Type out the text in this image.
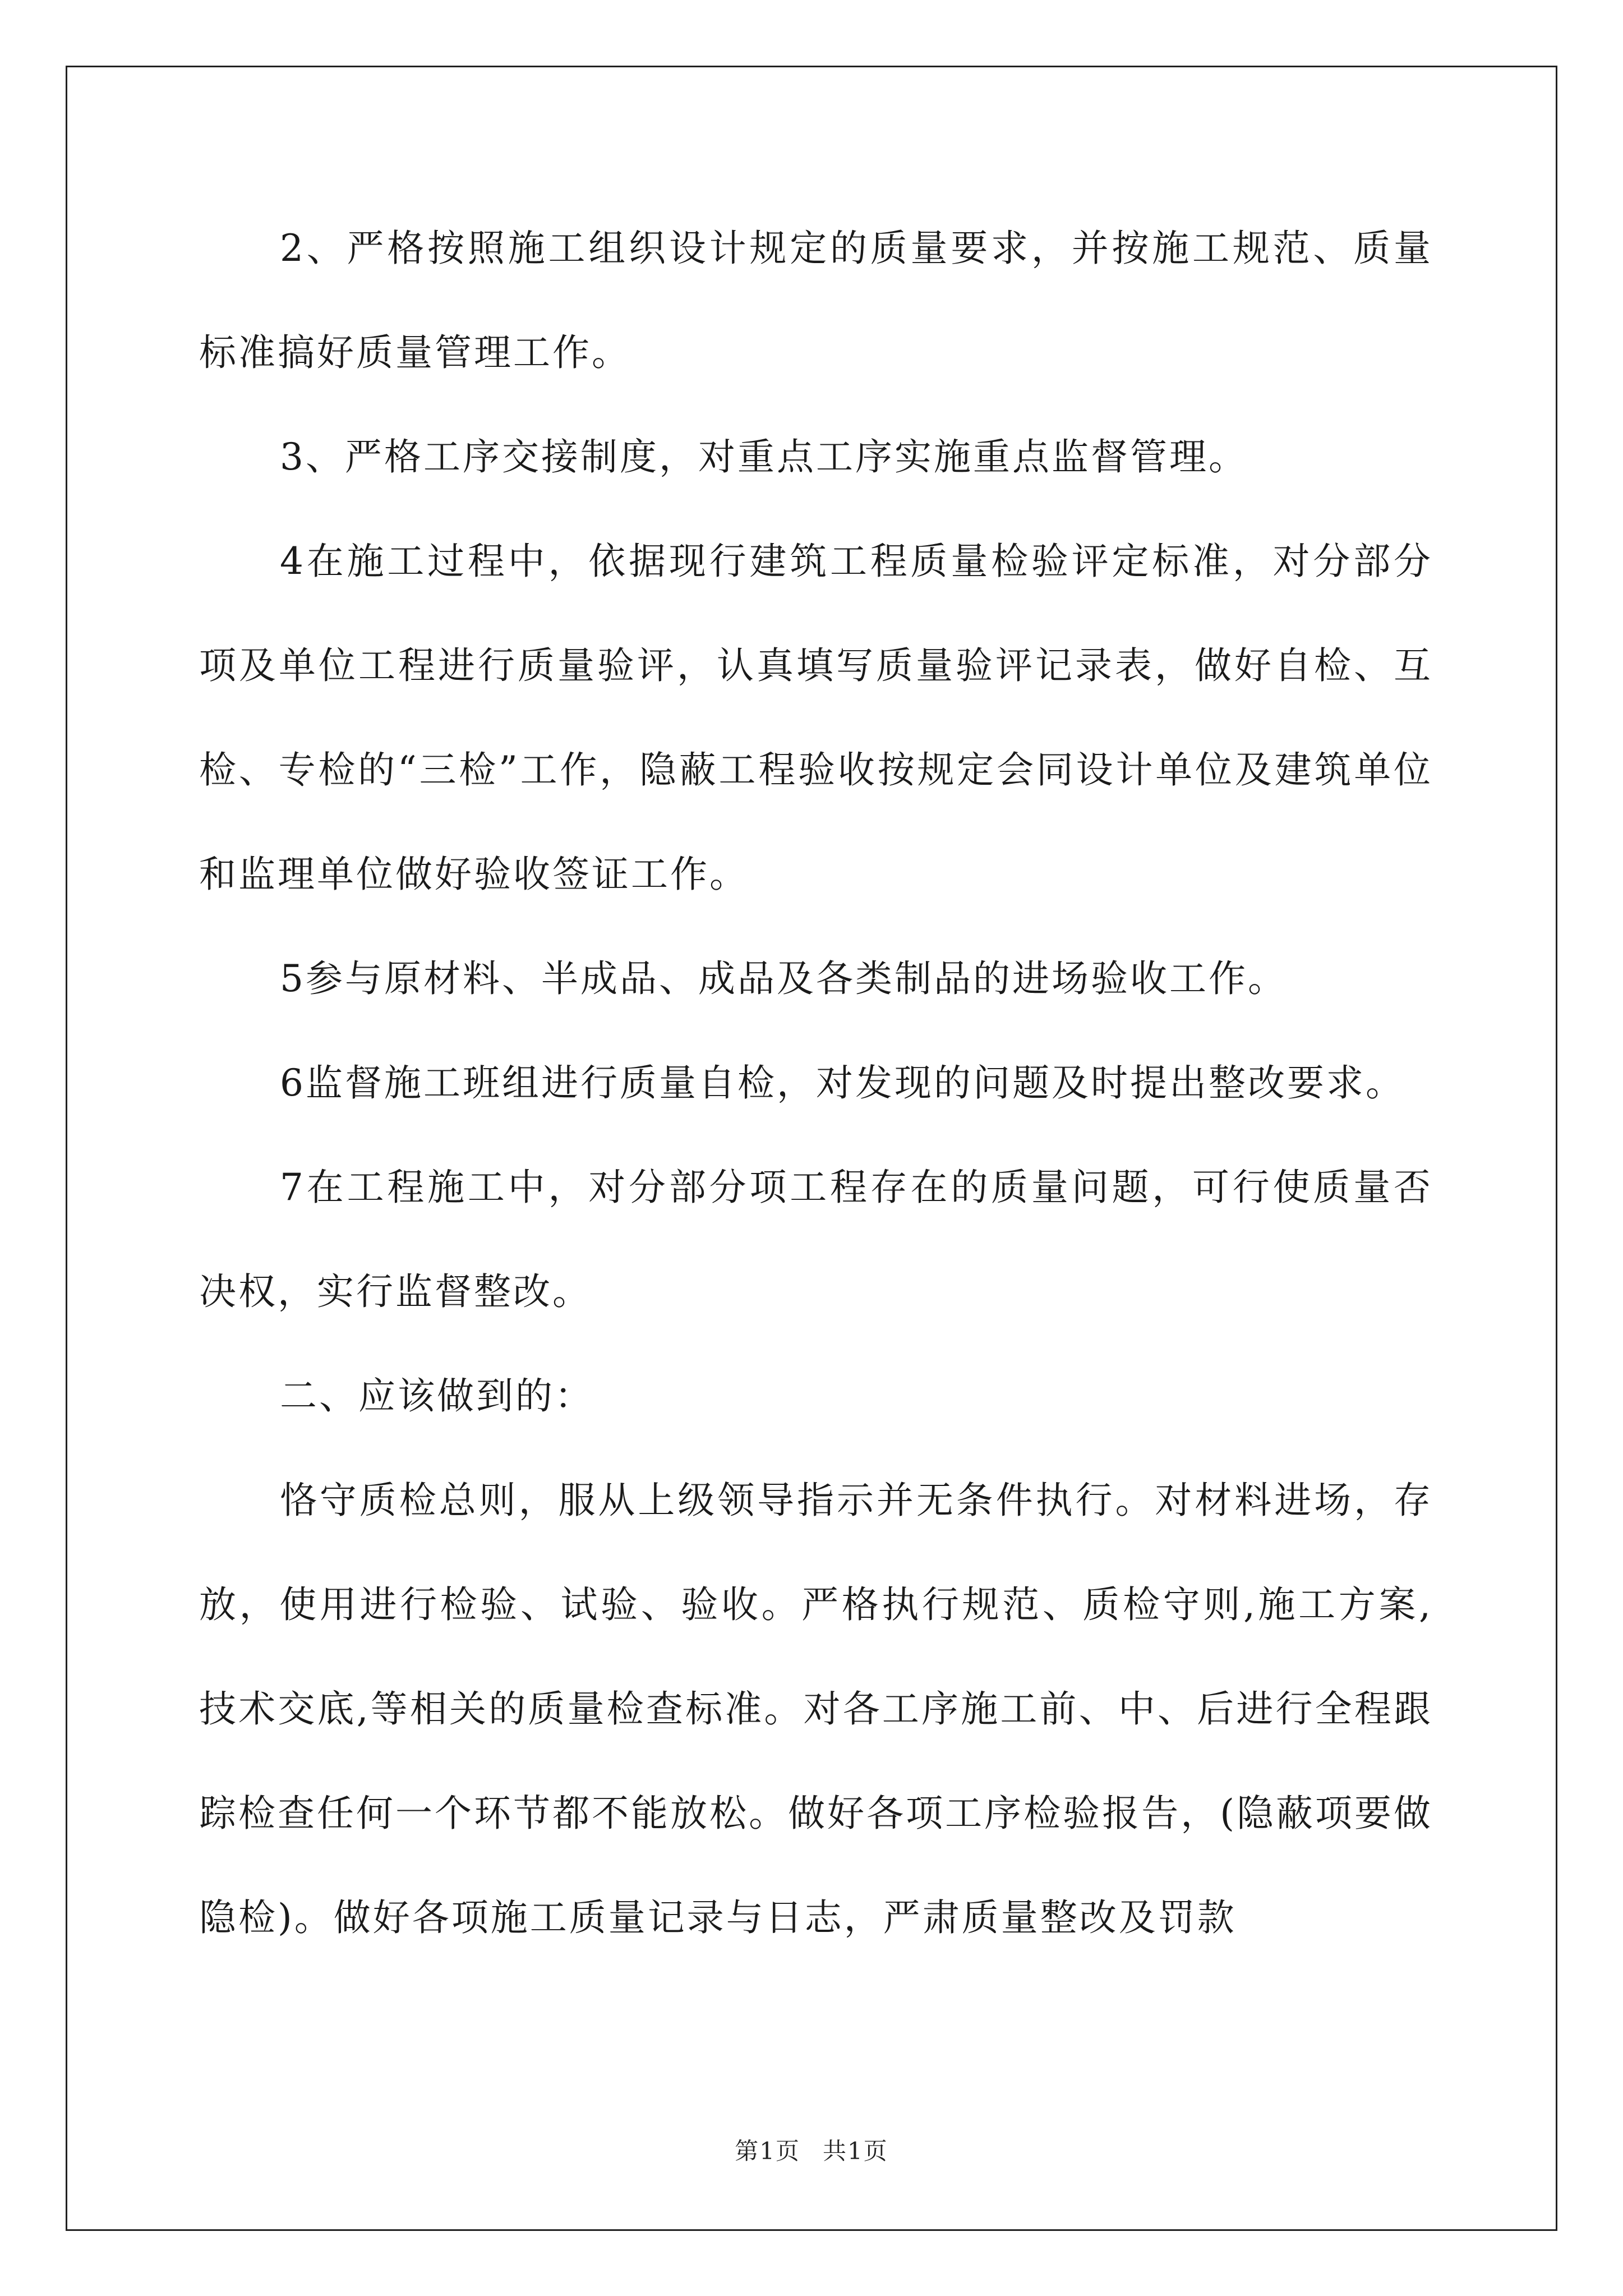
2、严格按照施工组织设计规定的质量要求，并按施工规范、质量标准搞好质量管理工作。

3、严格工序交接制度，对重点工序实施重点监督管理。

4在施工过程中，依据现行建筑工程质量检验评定标准，对分部分项及单位工程进行质量验评，认真填写质量验评记录表，做好自检、互检、专检的“三检”工作，隐蔽工程验收按规定会同设计单位及建筑单位和监理单位做好验收签证工作。

5参与原材料、半成品、成品及各类制品的进场验收工作。

6监督施工班组进行质量自检，对发现的问题及时提出整改要求。

7在工程施工中，对分部分项工程存在的质量问题，可行使质量否决权，实行监督整改。

二、应该做到的：

恪守质检总则，服从上级领导指示并无条件执行。对材料进场，存放，使用进行检验、试验、验收。严格执行规范、质检守则,施工方案,技术交底,等相关的质量检查标准。对各工序施工前、中、后进行全程跟踪检查任何一个环节都不能放松。做好各项工序检验报告，(隐蔽项要做隐检)。做好各项施工质量记录与日志，严肃质量整改及罚款

第1页 共1页
